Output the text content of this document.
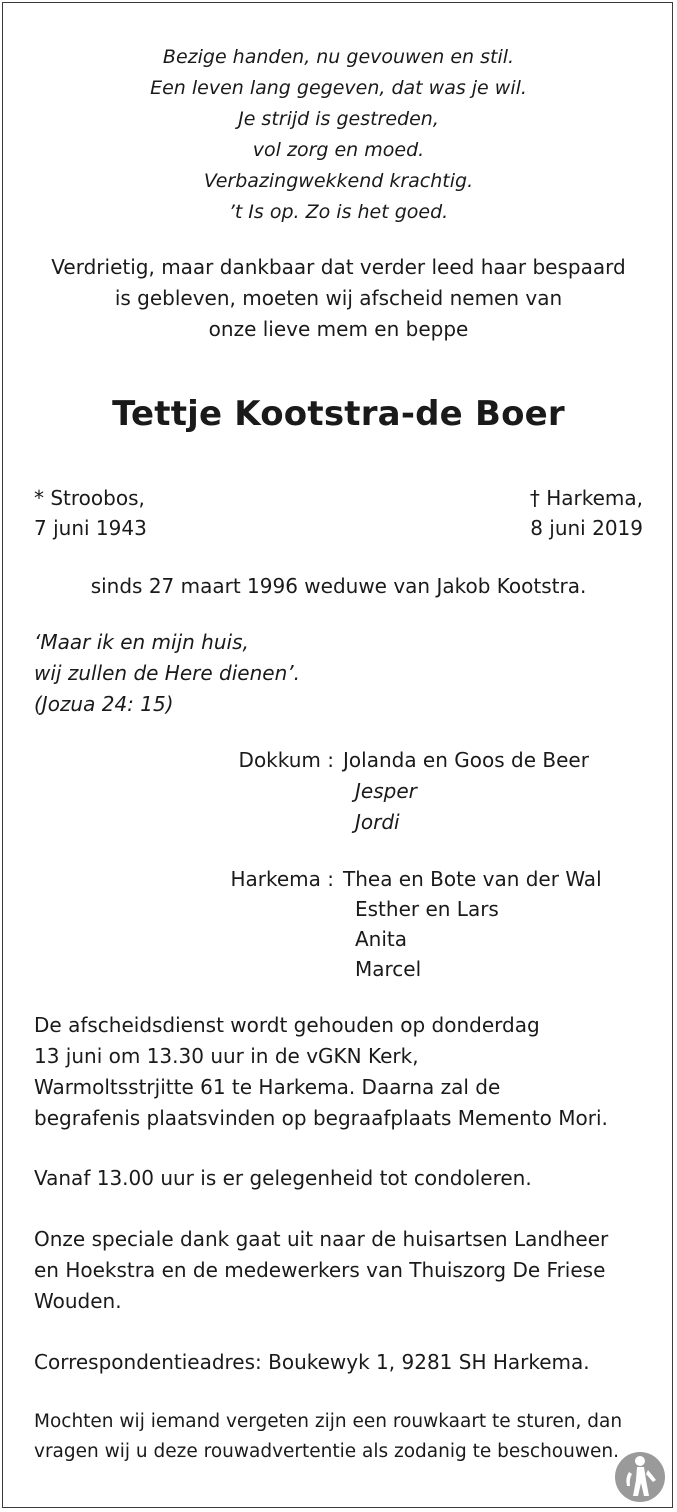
Bezige handen, nu gevouwen en stil.
Een leven lang gegeven, dat was je wil.
Je strijd is gestreden,
vol zorg en moed.
Verbazingwekkend krachtig.
’t Is op. Zo is het goed.
Verdrietig, maar dankbaar dat verder leed haar bespaard
is gebleven, moeten wij afscheid nemen van
onze lieve mem en beppe
Tettje Kootstra-de Boer
* Stroobos,
7 juni 1943
† Harkema,
8 juni 2019
sinds 27 maart 1996 weduwe van Jakob Kootstra.
‘Maar ik en mijn huis,
wij zullen de Here dienen’.
(Jozua 24: 15)
Dokkum : Jolanda en Goos de Beer
Jesper
Jordi
Harkema : Thea en Bote van der Wal
Esther en Lars
Anita
Marcel
De afscheidsdienst wordt gehouden op donderdag
13 juni om 13.30 uur in de vGKN Kerk,
Warmoltsstrjitte 61 te Harkema. Daarna zal de
begrafenis plaatsvinden op begraafplaats Memento Mori.
Vanaf 13.00 uur is er gelegenheid tot condoleren.
Onze speciale dank gaat uit naar de huisartsen Landheer
en Hoekstra en de medewerkers van Thuiszorg De Friese
Wouden.
Correspondentieadres: Boukewyk 1, 9281 SH Harkema.
Mochten wij iemand vergeten zijn een rouwkaart te sturen, dan
vragen wij u deze rouwadvertentie als zodanig te beschouwen.
